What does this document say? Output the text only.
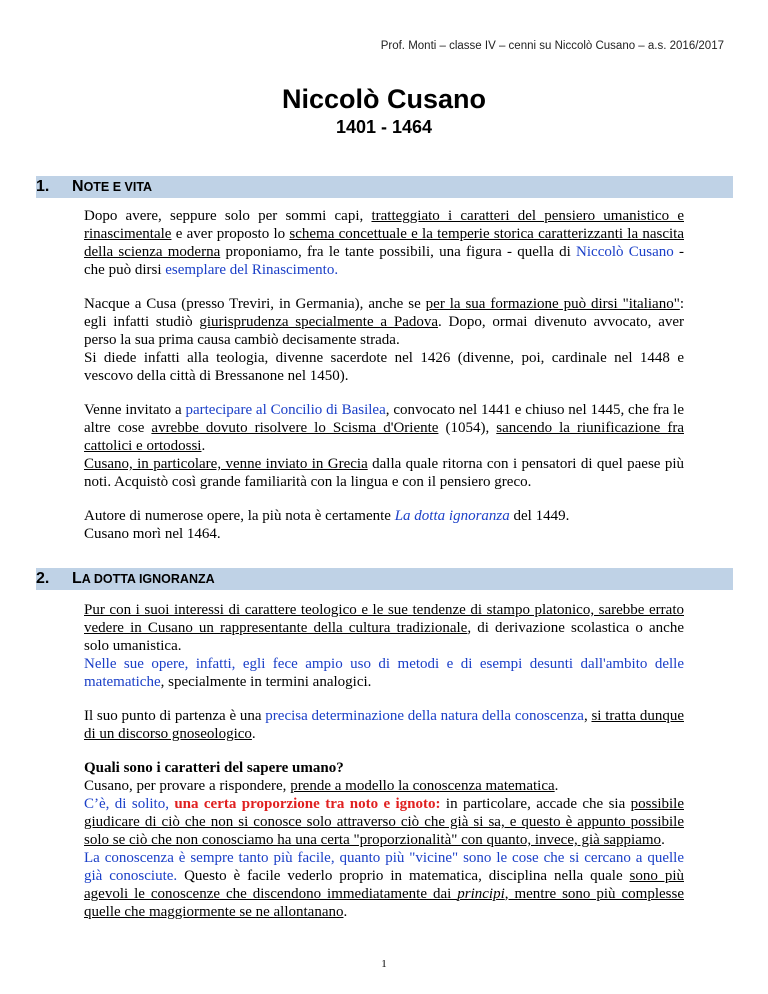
Prof. Monti – classe IV – cenni su Niccolò Cusano – a.s. 2016/2017
Niccolò Cusano
1401 - 1464
1.	N OTE E VITA

Dopo avere, seppure solo per sommi capi, tratteggiato i caratteri del pensiero umanistico e rinascimentale e aver proposto lo schema concettuale e la temperie storica caratterizzanti la nascita della scienza moderna proponiamo, fra le tante possibili, una figura - quella di Niccolò Cusano - che può dirsi esemplare del Rinascimento.

Nacque a Cusa (presso Treviri, in Germania), anche se per la sua formazione può dirsi "italiano": egli infatti studiò giurisprudenza specialmente a Padova. Dopo, ormai divenuto avvocato, aver perso la sua prima causa cambiò decisamente strada.
Si diede infatti alla teologia, divenne sacerdote nel 1426 (divenne, poi, cardinale nel 1448 e vescovo della città di Bressanone nel 1450).

Venne invitato a partecipare al Concilio di Basilea, convocato nel 1441 e chiuso nel 1445, che fra le altre cose avrebbe dovuto risolvere lo Scisma d'Oriente (1054), sancendo la riunificazione fra cattolici e ortodossi.
Cusano, in particolare, venne inviato in Grecia dalla quale ritorna con i pensatori di quel paese più noti. Acquistò così grande familiarità con la lingua e con il pensiero greco.

Autore di numerose opere, la più nota è certamente La dotta ignoranza del 1449.
Cusano morì nel 1464.

2.	L A DOTTA IGNORANZA

Pur con i suoi interessi di carattere teologico e le sue tendenze di stampo platonico, sarebbe errato vedere in Cusano un rappresentante della cultura tradizionale, di derivazione scolastica o anche solo umanistica.
Nelle sue opere, infatti, egli fece ampio uso di metodi e di esempi desunti dall'ambito delle matematiche, specialmente in termini analogici.

Il suo punto di partenza è una precisa determinazione della natura della conoscenza, si tratta dunque di un discorso gnoseologico.

Quali sono i caratteri del sapere umano?
Cusano, per provare a rispondere, prende a modello la conoscenza matematica.
C’è, di solito, una certa proporzione tra noto e ignoto: in particolare, accade che sia possibile giudicare di ciò che non si conosce solo attraverso ciò che già si sa, e questo è appunto possibile solo se ciò che non conosciamo ha una certa "proporzionalità" con quanto, invece, già sappiamo.
La conoscenza è sempre tanto più facile, quanto più "vicine" sono le cose che si cercano a quelle già conosciute. Questo è facile vederlo proprio in matematica, disciplina nella quale sono più agevoli le conoscenze che discendono immediatamente dai principi, mentre sono più complesse quelle che maggiormente se ne allontanano.

1
